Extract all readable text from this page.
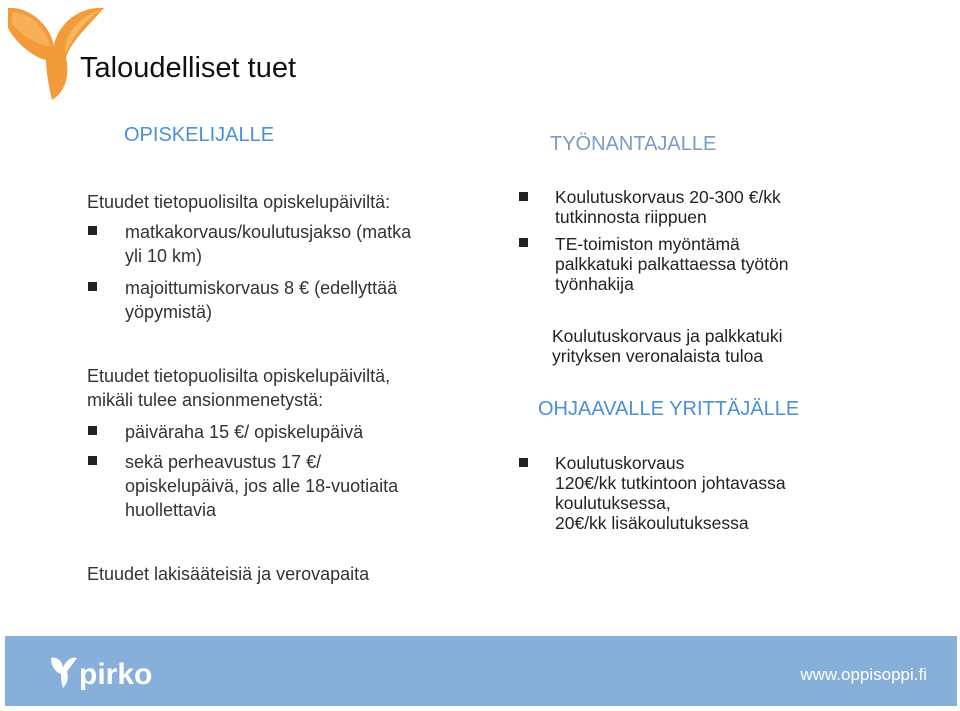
Taloudelliset tuet
OPISKELIJALLE
Etuudet tietopuolisilta opiskelupäiviltä:
matkakorvaus/koulutusjakso (matka
yli 10 km)
majoittumiskorvaus 8 € (edellyttää
yöpymistä)
Etuudet tietopuolisilta opiskelupäiviltä,
mikäli tulee ansionmenetystä:
päiväraha 15 €/ opiskelupäivä
sekä perheavustus 17 €/
opiskelupäivä, jos alle 18-vuotiaita
huollettavia
Etuudet lakisääteisiä ja verovapaita
TYÖNANTAJALLE
Koulutuskorvaus 20-300 €/kk
tutkinnosta riippuen
TE-toimiston myöntämä
palkkatuki palkattaessa työtön
työnhakija
Koulutuskorvaus ja palkkatuki
yrityksen veronalaista tuloa
OHJAAVALLE YRITTÄJÄLLE
Koulutuskorvaus
120€/kk tutkintoon johtavassa
koulutuksessa,
20€/kk lisäkoulutuksessa
pirko	www.oppisoppi.fi
